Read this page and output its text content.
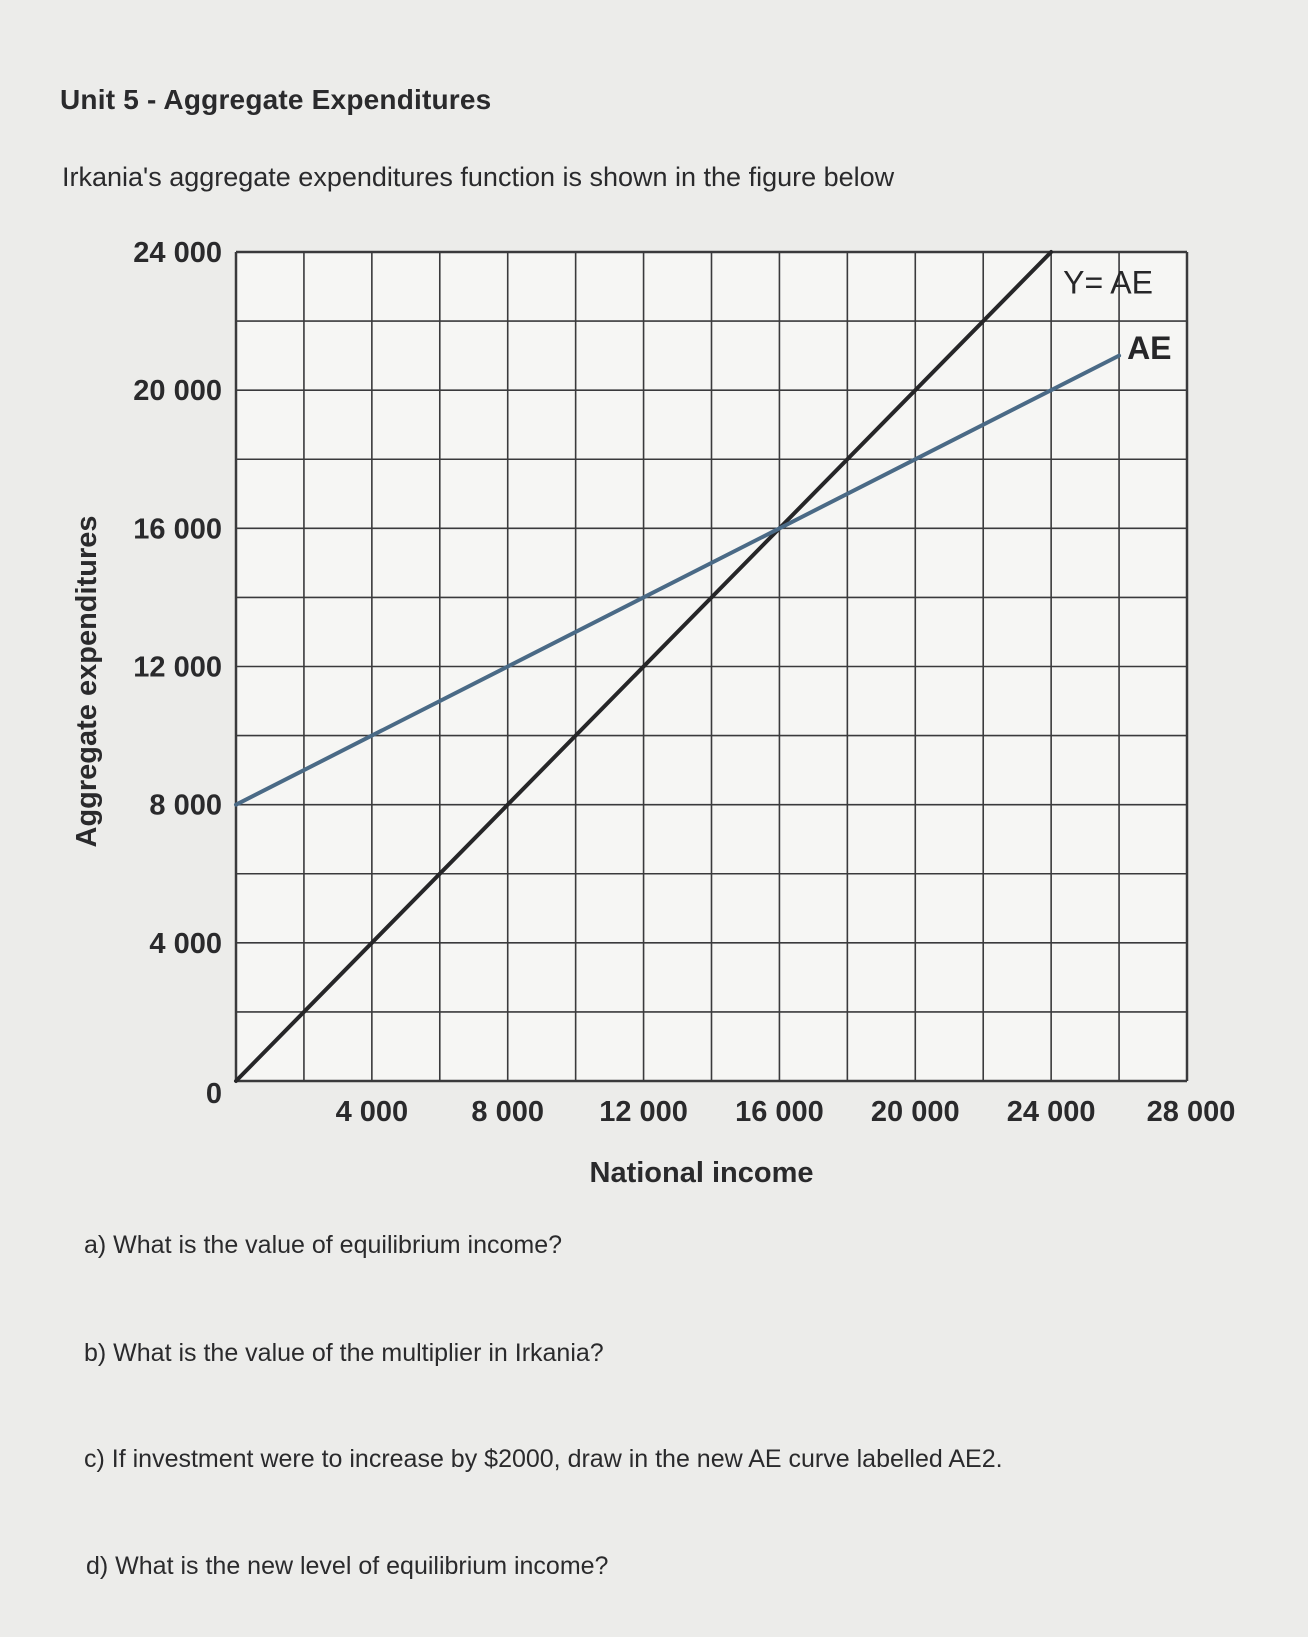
Unit 5 - Aggregate Expenditures
Irkania's aggregate expenditures function is shown in the figure below
0
4 000
8 000
12 000
16 000
20 000
24 000
4 000 8 000 12 000 16 000 20 000 24 000 28 000
Y= AE
AE
National income
Aggregate expenditures
a) What is the value of equilibrium income?
b) What is the value of the multiplier in Irkania?
c) If investment were to increase by $2000, draw in the new AE curve labelled AE2.
d) What is the new level of equilibrium income?
